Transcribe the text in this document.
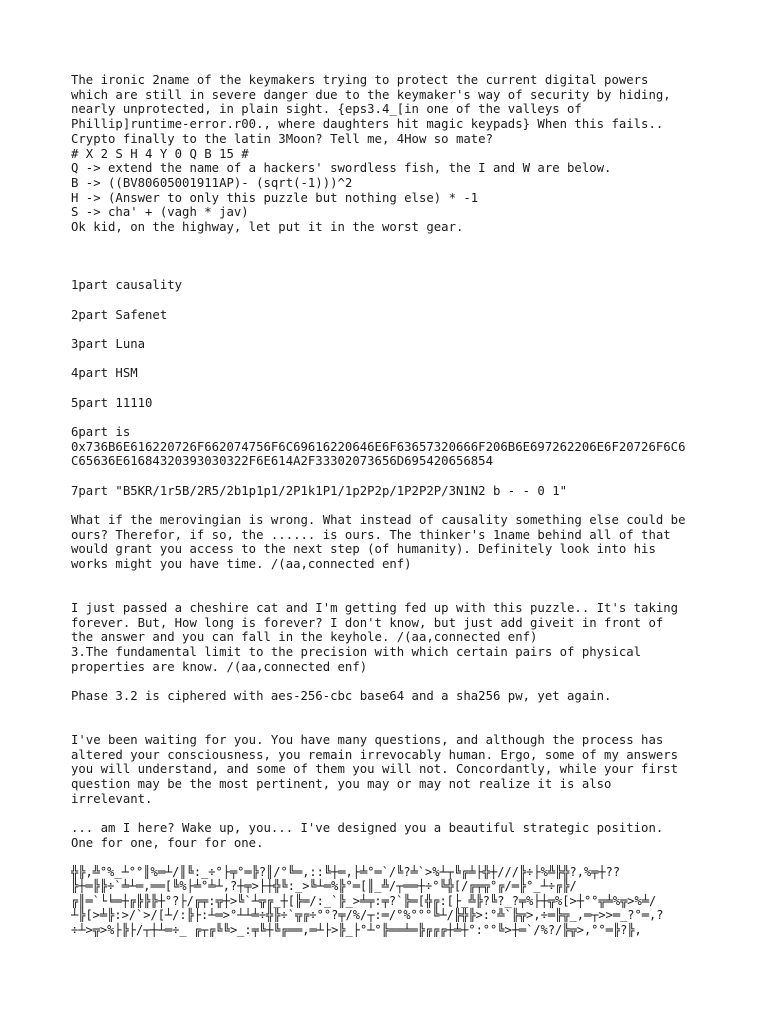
The ironic 2name of the keymakers trying to protect the current digital powers
which are still in severe danger due to the keymaker's way of security by hiding,
nearly unprotected, in plain sight. {eps3.4_[in one of the valleys of
Phillip]runtime-error.r00., where daughters hit magic keypads} When this fails..
Crypto finally to the latin 3Moon? Tell me, 4How so mate?
# X 2 S H 4 Y 0 Q B 15 #
Q -> extend the name of a hackers' swordless fish, the I and W are below.
B -> ((BV80605001911AP)- (sqrt(-1)))^2
H -> (Answer to only this puzzle but nothing else) * -1
S -> cha' + (vagh * jav)
Ok kid, on the highway, let put it in the worst gear.
1part causality
2part Safenet
3part Luna
4part HSM
5part 11110
6part is
0x736B6E616220726F662074756F6C69616220646E6F63657320666F206B6E697262206E6F20726F6C6
C65636E61684320393030322F6E614A2F33302073656D695420656854
7part "B5KR/1r5B/2R5/2b1p1p1/2P1k1P1/1p2P2p/1P2P2P/3N1N2 b - - 0 1"
What if the merovingian is wrong. What instead of causality something else could be
ours? Therefor, if so, the ...... is ours. The thinker's 1name behind all of that
would grant you access to the next step (of humanity). Definitely look into his
works might you have time. /(aa,connected enf)
I just passed a cheshire cat and I'm getting fed up with this puzzle.. It's taking
forever. But, How long is forever? I don't know, but just add giveit in front of
the answer and you can fall in the keyhole. /(aa,connected enf)
3.The fundamental limit to the precision with which certain pairs of physical
properties are know. /(aa,connected enf)
Phase 3.2 is ciphered with aes-256-cbc base64 and a sha256 pw, yet again.
I've been waiting for you. You have many questions, and although the process has
altered your consciousness, you remain irrevocably human. Ergo, some of my answers
you will understand, and some of them you will not. Concordantly, while your first
question may be the most pertinent, you may or may not realize it is also
irrelevant.
... am I here? Wake up, you... I've designed you a beautiful strategic position.
One for one, four for one.
╬╠,╩°%_┴°°║%═┴/║╚:_÷°├╤°═╠?║/°╚═,::╚┼═,├╧°═`/╚?╧`>%┴┬╚╔╧├╬┼///╠÷├%╩╠╬?,%╤┼??
╠┼═╠╠÷`╧┴═,══[╚%├╧°╧┴,?┼╤>├┼╬╚:_>╚┴═%╠°═[║_╩/┬══┼÷°╚╬[/╔╤╦°╔/═╠°_┴÷╔╠/
╔║═`└╘═┼╔╠╠╠┼°?├/╔╤:╦┼>╚`┴╦╔_┼[╠═/:_`╠_>╧╤:╤?`╠═[╬╔:[├_╩╠?╚?_?╤%├┼╦%[>┼°°╦╧%╦>%╧/
┴╠[>╧╠:>/`>/[┴/:╠├:┴═>°┴┴╧÷╬╠÷`╦╔÷°°?╤/%/┬:═/°%°°°╚┴/╠╬╠>:°╩`╠╦>,÷═╠╦_,═┬>>═_?°═,?
÷┴>╦>%├╠├/┬┼┴═÷_ ╔┬╔╚╚>_:╤╚┼╚╔══,═┴├>╠_├°┴°╠══╧═╠╔╔╔┼╧┼°:°°╚>┼═`/%?/╠╦>,°°═╠?╠,
